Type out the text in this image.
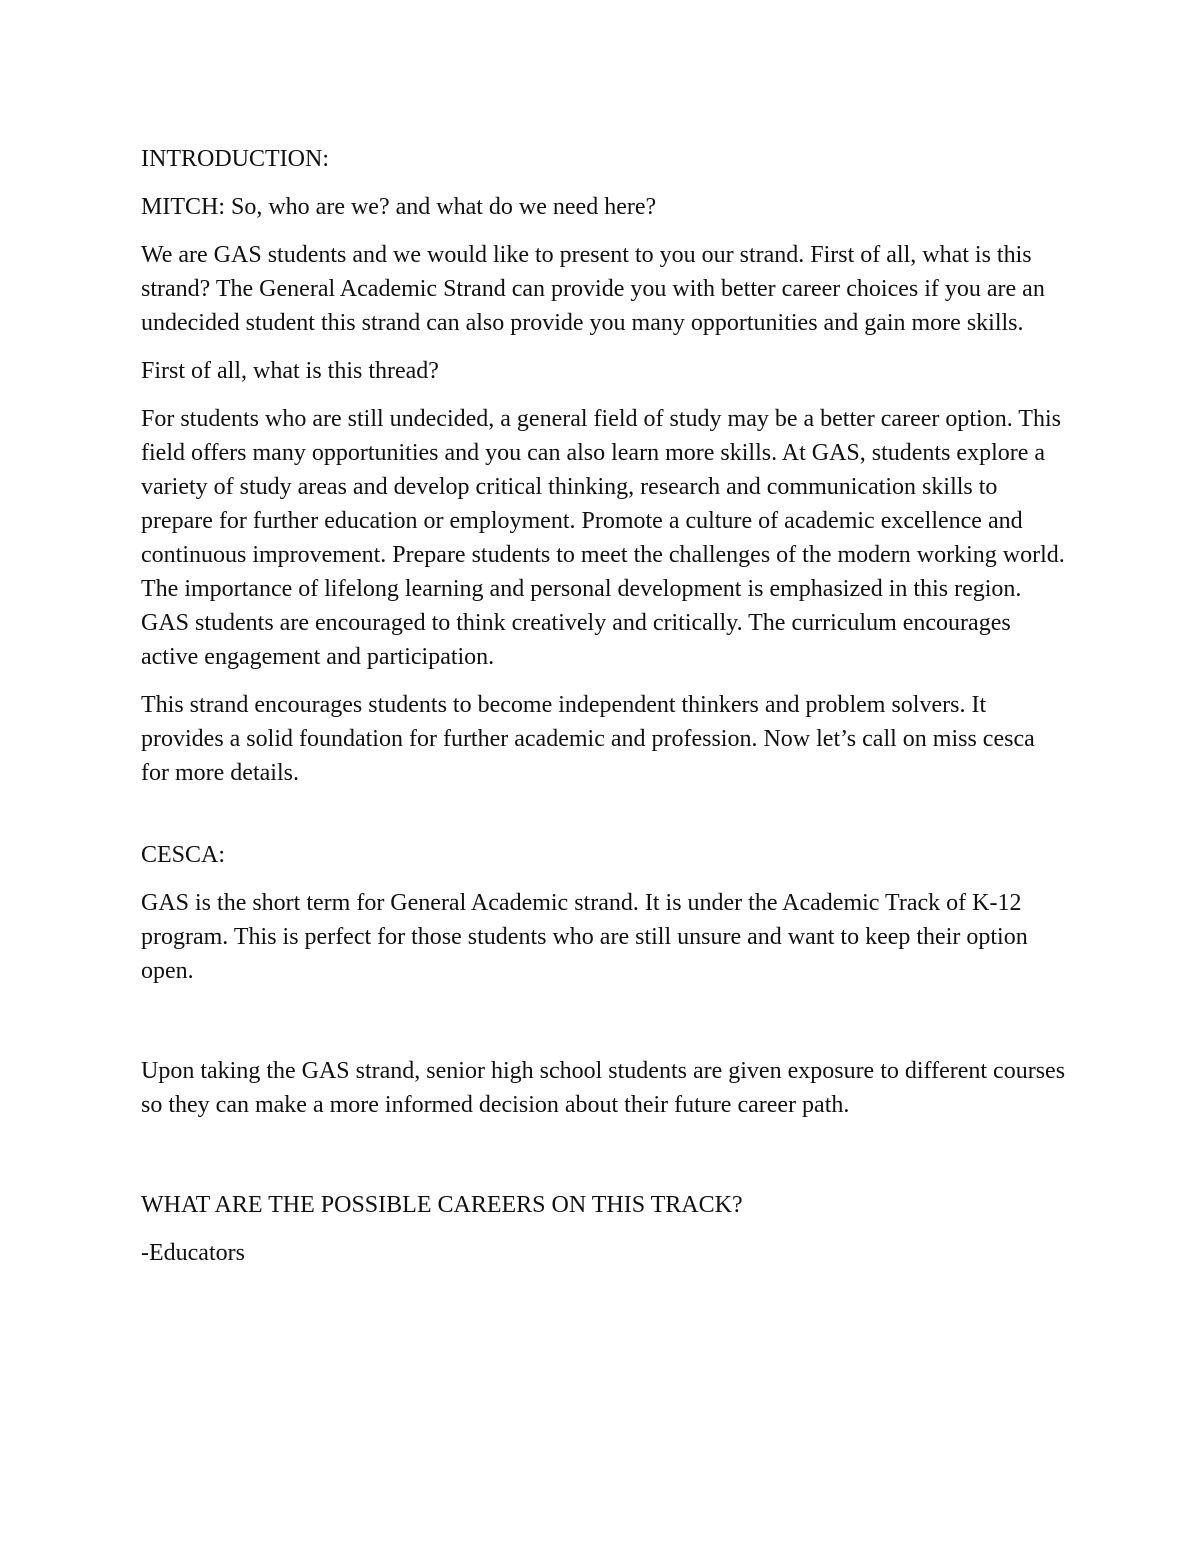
INTRODUCTION:

MITCH: So, who are we? and what do we need here?

We are GAS students and we would like to present to you our strand. First of all, what is this strand? The General Academic Strand can provide you with better career choices if you are an undecided student this strand can also provide you many opportunities and gain more skills.

First of all, what is this thread?

For students who are still undecided, a general field of study may be a better career option. This field offers many opportunities and you can also learn more skills. At GAS, students explore a variety of study areas and develop critical thinking, research and communication skills to prepare for further education or employment. Promote a culture of academic excellence and continuous improvement. Prepare students to meet the challenges of the modern working world. The importance of lifelong learning and personal development is emphasized in this region. GAS students are encouraged to think creatively and critically. The curriculum encourages active engagement and participation.

This strand encourages students to become independent thinkers and problem solvers. It provides a solid foundation for further academic and profession. Now let’s call on miss cesca for more details.

CESCA:

GAS is the short term for General Academic strand. It is under the Academic Track of K-12 program. This is perfect for those students who are still unsure and want to keep their option open.

Upon taking the GAS strand, senior high school students are given exposure to different courses so they can make a more informed decision about their future career path.

WHAT ARE THE POSSIBLE CAREERS ON THIS TRACK?

-Educators
